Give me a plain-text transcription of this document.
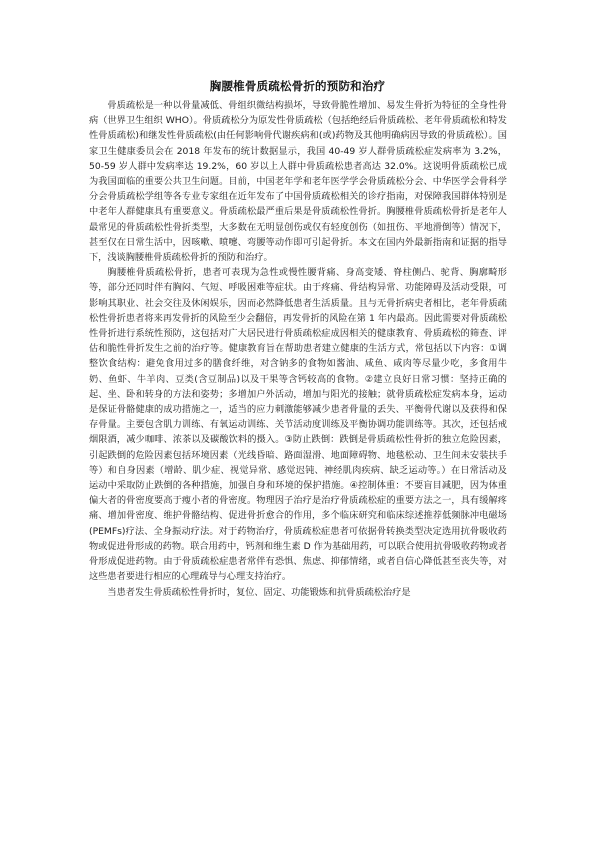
胸腰椎骨质疏松骨折的预防和治疗

骨质疏松是一种以骨量减低、骨组织微结构损坏，导致骨脆性增加、易发生骨折为特征的全身性骨病（世界卫生组织 WHO）。骨质疏松分为原发性骨质疏松（包括绝经后骨质疏松、老年骨质疏松和特发性骨质疏松)和继发性骨质疏松(由任何影响骨代谢疾病和(或)药物及其他明确病因导致的骨质疏松）。国家卫生健康委员会在 2018 年发布的统计数据显示，我国 40-49 岁人群骨质疏松症发病率为 3.2%，50-59 岁人群中发病率达 19.2%，60 岁以上人群中骨质疏松患者高达 32.0%。这说明骨质疏松已成为我国面临的重要公共卫生问题。目前，中国老年学和老年医学学会骨质疏松分会、中华医学会骨科学分会骨质疏松学组等各专业专家组在近年发布了中国骨质疏松相关的诊疗指南，对保障我国群体特别是中老年人群健康具有重要意义。骨质疏松最严重后果是骨质疏松性骨折。胸腰椎骨质疏松骨折是老年人最常见的骨质疏松性骨折类型，大多数在无明显创伤或仅有轻度创伤（如扭伤、平地滑倒等）情况下，甚至仅在日常生活中，因咳嗽、喷嚏、弯腰等动作即可引起骨折。本文在国内外最新指南和证据的指导下，浅谈胸腰椎骨质疏松骨折的预防和治疗。

胸腰椎骨质疏松骨折，患者可表现为急性或慢性腰背痛、身高变矮、脊柱侧凸、驼背、胸廓畸形等，部分还同时伴有胸闷、气短、呼吸困难等症状。由于疼痛、骨结构异常、功能障碍及活动受限，可影响其职业、社会交往及休闲娱乐，因而必然降低患者生活质量。且与无骨折病史者相比，老年骨质疏松性骨折患者将来再发骨折的风险至少会翻倍，再发骨折的风险在第 1 年内最高。因此需要对骨质疏松性骨折进行系统性预防，这包括对广大居民进行骨质疏松症成因相关的健康教育、骨质疏松的筛查、评估和脆性骨折发生之前的治疗等。健康教育旨在帮助患者建立健康的生活方式，常包括以下内容：①调整饮食结构：避免食用过多的膳食纤维，对含钠多的食物如酱油、咸鱼、咸肉等尽量少吃，多食用牛奶、鱼虾、牛羊肉、豆类(含豆制品)以及干果等含钙较高的食物。②建立良好日常习惯：坚持正确的起、坐、卧和转身的方法和姿势；多增加户外活动，增加与阳光的接触；就骨质疏松症发病本身，运动是保证骨骼健康的成功措施之一，适当的应力刺激能够减少患者骨量的丢失、平衡骨代谢以及获得和保存骨量。主要包含肌力训练、有氧运动训练、关节活动度训练及平衡协调功能训练等。其次，还包括戒烟限酒，减少咖啡、浓茶以及碳酸饮料的摄入。③防止跌倒：跌倒是骨质疏松性骨折的独立危险因素，引起跌倒的危险因素包括环境因素（光线昏暗、路面湿滑、地面障碍物、地毯松动、卫生间未安装扶手等）和自身因素（增龄、肌少症、视觉异常、感觉迟钝、神经肌肉疾病、缺乏运动等。）在日常活动及运动中采取防止跌倒的各种措施，加强自身和环境的保护措施。④控制体重：不要盲目减肥，因为体重偏大者的骨密度要高于瘦小者的骨密度。物理因子治疗是治疗骨质疏松症的重要方法之一，具有缓解疼痛、增加骨密度、维护骨骼结构、促进骨折愈合的作用，多个临床研究和临床综述推荐低频脉冲电磁场(PEMFs)疗法、全身振动疗法。对于药物治疗，骨质疏松症患者可依据骨转换类型决定选用抗骨吸收药物或促进骨形成的药物。联合用药中，钙剂和维生素 D 作为基础用药，可以联合使用抗骨吸收药物或者骨形成促进药物。由于骨质疏松症患者常伴有恐惧、焦虑、抑郁情绪，或者自信心降低甚至丧失等，对这些患者要进行相应的心理疏导与心理支持治疗。

当患者发生骨质疏松性骨折时，复位、固定、功能锻炼和抗骨质疏松治疗是
